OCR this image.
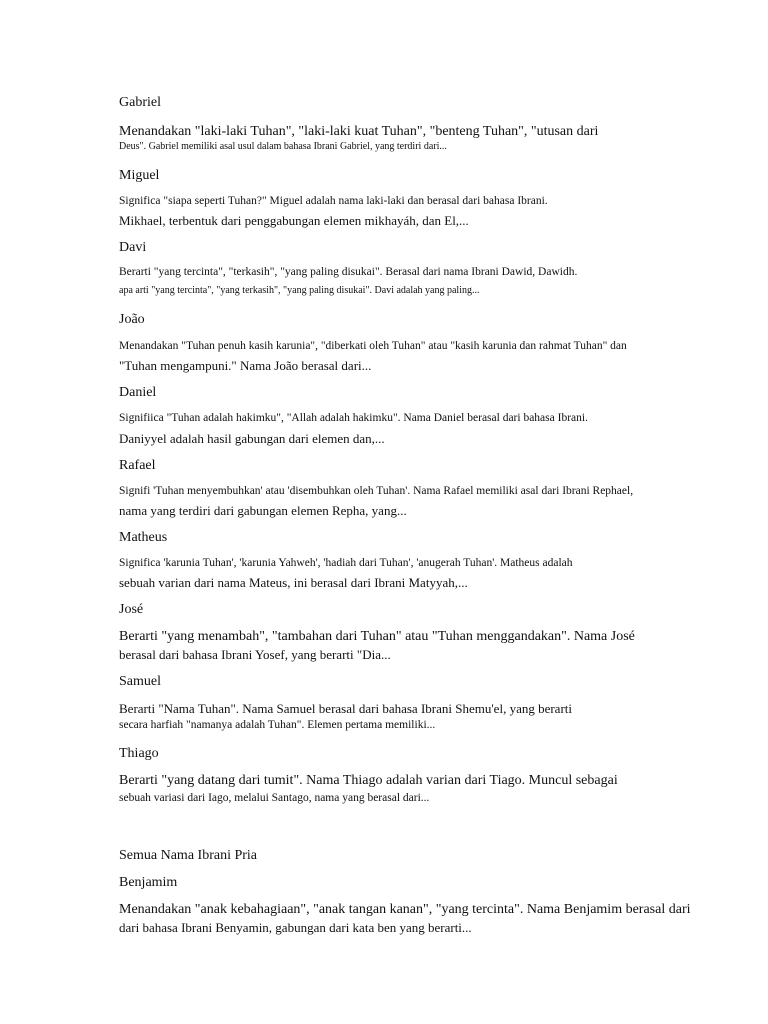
Gabriel
Menandakan "laki-laki Tuhan", "laki-laki kuat Tuhan", "benteng Tuhan", "utusan dari
Deus". Gabriel memiliki asal usul dalam bahasa Ibrani Gabriel, yang terdiri dari...
Miguel
Significa "siapa seperti Tuhan?" Miguel adalah nama laki-laki dan berasal dari bahasa Ibrani.
Mikhael, terbentuk dari penggabungan elemen mikhayáh, dan El,...
Davi
Berarti "yang tercinta", "terkasih", "yang paling disukai". Berasal dari nama Ibrani Dawid, Dawidh.
apa arti "yang tercinta", "yang terkasih", "yang paling disukai". Davi adalah yang paling...
João
Menandakan "Tuhan penuh kasih karunia", "diberkati oleh Tuhan" atau "kasih karunia dan rahmat Tuhan" dan
"Tuhan mengampuni." Nama João berasal dari...
Daniel
Signifiica "Tuhan adalah hakimku", "Allah adalah hakimku". Nama Daniel berasal dari bahasa Ibrani.
Daniyyel adalah hasil gabungan dari elemen dan,...
Rafael
Signifi 'Tuhan menyembuhkan' atau 'disembuhkan oleh Tuhan'. Nama Rafael memiliki asal dari Ibrani Rephael,
nama yang terdiri dari gabungan elemen Repha, yang...
Matheus
Significa 'karunia Tuhan', 'karunia Yahweh', 'hadiah dari Tuhan', 'anugerah Tuhan'. Matheus adalah
sebuah varian dari nama Mateus, ini berasal dari Ibrani Matyyah,...
José
Berarti "yang menambah", "tambahan dari Tuhan" atau "Tuhan menggandakan". Nama José
berasal dari bahasa Ibrani Yosef, yang berarti "Dia...
Samuel
Berarti "Nama Tuhan". Nama Samuel berasal dari bahasa Ibrani Shemu'el, yang berarti
secara harfiah "namanya adalah Tuhan". Elemen pertama memiliki...
Thiago
Berarti "yang datang dari tumit". Nama Thiago adalah varian dari Tiago. Muncul sebagai
sebuah variasi dari Iago, melalui Santago, nama yang berasal dari...
Semua Nama Ibrani Pria
Benjamim
Menandakan "anak kebahagiaan", "anak tangan kanan", "yang tercinta". Nama Benjamim berasal dari
dari bahasa Ibrani Benyamin, gabungan dari kata ben yang berarti...
